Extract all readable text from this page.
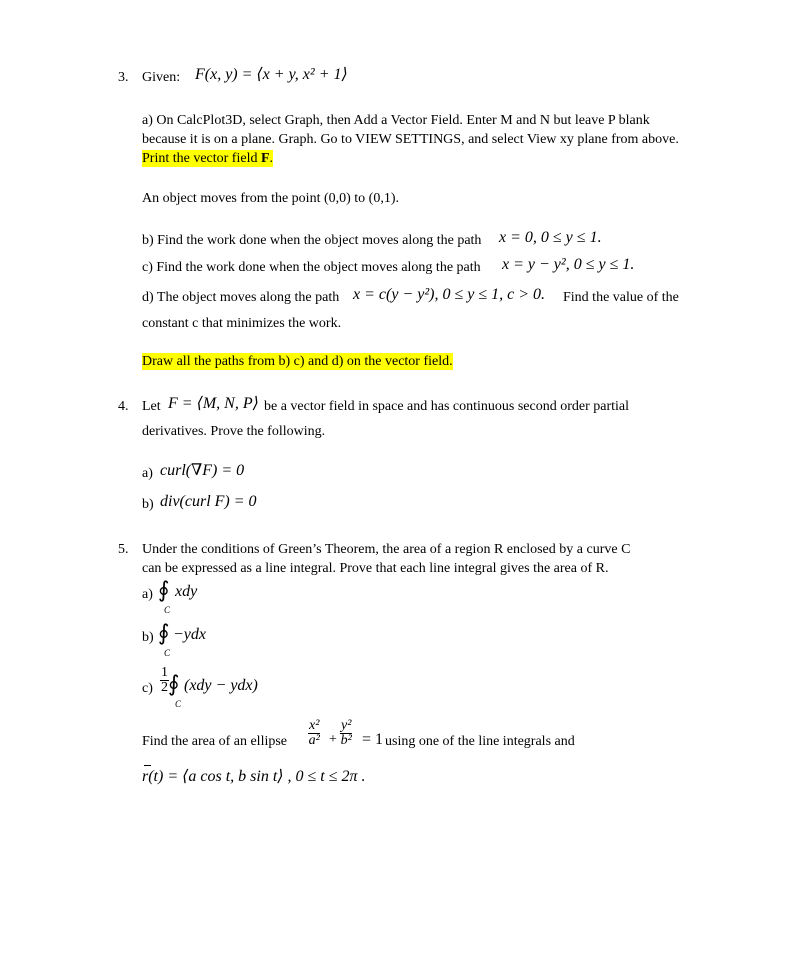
3. Given: F(x, y) = ⟨x + y, x² + 1⟩
a) On CalcPlot3D, select Graph, then Add a Vector Field. Enter M and N but leave P blank
because it is on a plane. Graph. Go to VIEW SETTINGS, and select View xy plane from above.
Print the vector field F.
An object moves from the point (0,0) to (0,1).
b) Find the work done when the object moves along the path x = 0, 0 ≤ y ≤ 1.
c) Find the work done when the object moves along the path x = y − y², 0 ≤ y ≤ 1.
d) The object moves along the path x = c(y − y²), 0 ≤ y ≤ 1, c > 0. Find the value of the
constant c that minimizes the work.
Draw all the paths from b) c) and d) on the vector field.
4. Let F = ⟨M, N, P⟩ be a vector field in space and has continuous second order partial
derivatives. Prove the following.
a) curl(∇F) = 0
b) div(curl F) = 0
5. Under the conditions of Green’s Theorem, the area of a region R enclosed by a curve C
can be expressed as a line integral. Prove that each line integral gives the area of R.
a) ∮
C
xdy
b) ∮
C
−ydx
$c) \frac{1}{2}$ ∮
C
(xdy − ydx)
Find the area of an ellipse $\frac{\text{x²}}{\text{a²}} + \frac{\text{y²}}{\text{b²}} = 1$ using one of the line integrals and
r(t) = ⟨a cos t, b sin t⟩ , 0 ≤ t ≤ 2π .
